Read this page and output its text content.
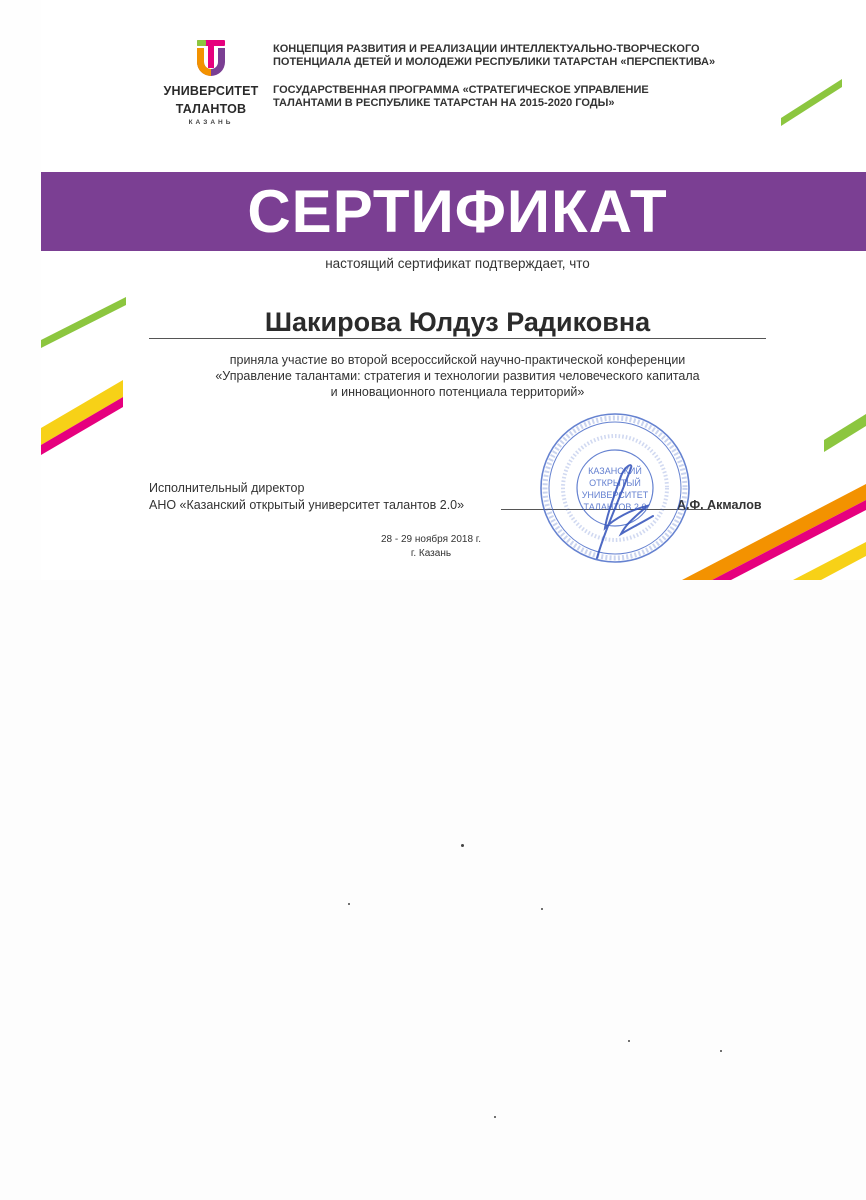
УНИВЕРСИТЕТ
ТАЛАНТОВ
КАЗАНЬ
КОНЦЕПЦИЯ РАЗВИТИЯ И РЕАЛИЗАЦИИ ИНТЕЛЛЕКТУАЛЬНО-ТВОРЧЕСКОГО
ПОТЕНЦИАЛА ДЕТЕЙ И МОЛОДЕЖИ РЕСПУБЛИКИ ТАТАРСТАН «ПЕРСПЕКТИВА»
ГОСУДАРСТВЕННАЯ ПРОГРАММА «СТРАТЕГИЧЕСКОЕ УПРАВЛЕНИЕ
ТАЛАНТАМИ В РЕСПУБЛИКЕ ТАТАРСТАН НА 2015-2020 ГОДЫ»
СЕРТИФИКАТ
настоящий сертификат подтверждает, что
Шакирова Юлдуз Радиковна
приняла участие во второй всероссийской научно-практической конференции
«Управление талантами: стратегия и технологии развития человеческого капитала
и инновационного потенциала территорий»
Исполнительный директор
АНО «Казанский открытый университет талантов 2.0»	А.Ф. Акмалов
28 - 29 ноября 2018 г.
г. Казань
КАЗАНСКИЙ
ОТКРЫТЫЙ
УНИВЕРСИТЕТ
ТАЛАНТОВ 2.0
